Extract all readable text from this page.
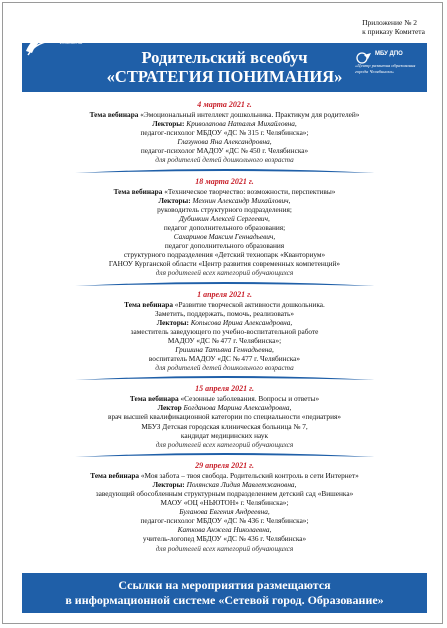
Приложение № 2
к приказу Комитета
Родительский всеобуч
«СТРАТЕГИЯ ПОНИМАНИЯ»
Комитет по делам образования города Челябинска
МБУ ДПО
«Центр развития образования города Челябинска»
4 марта 2021 г.
Тема вебинара «Эмоциональный интеллект дошкольника. Практикум для родителей»
Лекторы: Криволапова Наталья Михайловна,
педагог-психолог МБДОУ «ДС № 315 г. Челябинска»;
Глазунова Яна Александровна,
педагог-психолог МАДОУ «ДС № 450 г. Челябинска»
для родителей детей дошкольного возраста
18 марта 2021 г.
Тема вебинара «Техническое творчество: возможности, перспективы»
Лекторы: Мехнин Александр Михайлович,
руководитель структурного подразделения;
Дубинкин Алексей Сергеевич,
педагог дополнительного образования;
Сахаринов Максим Геннадьевич,
педагог дополнительного образования
структурного подразделения «Детский технопарк «Кванториум»
ГАНОУ Курганской области «Центр развития современных компетенций»
для родителей всех категорий обучающихся
1 апреля 2021 г.
Тема вебинара «Развитие творческой активности дошкольника.
Заметить, поддержать, помочь, реализовать»
Лекторы: Копысова Ирина Александровна,
заместитель заведующего по учебно-воспитательной работе
МАДОУ «ДС № 477 г. Челябинска»;
Гришина Татьяна Геннадьевна,
воспитатель МАДОУ «ДС № 477 г. Челябинска»
для родителей детей дошкольного возраста
15 апреля 2021 г.
Тема вебинара «Сезонные заболевания. Вопросы и ответы»
Лектор Богданова Марина Александровна,
врач высшей квалификационной категории по специальности «педиатрия»
МБУЗ Детская городская клиническая больница № 7,
кандидат медицинских наук
для родителей всех категорий обучающихся
29 апреля 2021 г.
Тема вебинара «Моя забота – твоя свобода. Родительский контроль в сети Интернет»
Лекторы: Полянская Лидия Мавлетжановна,
заведующий обособленным структурным подразделением детский сад «Вишенка»
МАОУ «ОЦ «НЬЮТОН» г. Челябинска»;
Буланова Евгения Андреевна,
педагог-психолог МБДОУ «ДС № 436 г. Челябинска»;
Каткова Анжела Николаевна,
учитель-логопед МБДОУ «ДС № 436 г. Челябинска»
для родителей всех категорий обучающихся
Ссылки на мероприятия размещаются
в информационной системе «Сетевой город. Образование»
